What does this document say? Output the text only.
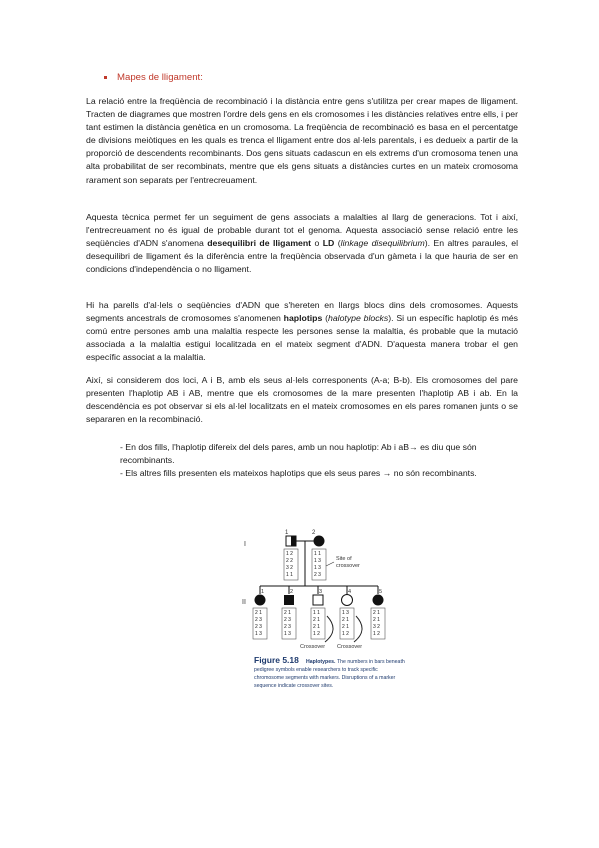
Mapes de lligament:

La relació entre la freqüència de recombinació i la distància entre gens s'utilitza per crear mapes de lligament. Tracten de diagrames que mostren l'ordre dels gens en els cromosomes i les distàncies relatives entre ells, i per tant estimen la distància genètica en un cromosoma. La freqüència de recombinació es basa en el percentatge de divisions meiòtiques en les quals es trenca el lligament entre dos al·lels parentals, i es dedueix a partir de la proporció de descendents recombinants. Dos gens situats cadascun en els extrems d'un cromosoma tenen una alta probabilitat de ser recombinats, mentre que els gens situats a distàncies curtes en un mateix cromosoma rarament son separats per l'entrecreuament.

Aquesta tècnica permet fer un seguiment de gens associats a malalties al llarg de generacions. Tot i així, l'entrecreuament no és igual de probable durant tot el genoma. Aquesta associació sense relació entre les seqüències d'ADN s'anomena desequilibri de lligament o LD (linkage disequilibrium). En altres paraules, el desequilibri de lligament és la diferència entre la freqüència observada d'un gàmeta i la que hauria de ser en condicions d'independència o no lligament.

Hi ha parells d'al·lels o seqüències d'ADN que s'hereten en llargs blocs dins dels cromosomes. Aquests segments ancestrals de cromosomes s'anomenen haplotips (halotype blocks). Si un específic haplotip és més comú entre persones amb una malaltia respecte les persones sense la malaltia, és probable que la mutació associada a la malaltia estigui localitzada en el mateix segment d'ADN. D'aquesta manera trobar el gen específic associat a la malaltia.

Així, si considerem dos loci, A i B, amb els seus al·lels corresponents (A-a; B-b). Els cromosomes del pare presenten l'haplotip AB i AB, mentre que els cromosomes de la mare presenten l'haplotip AB i ab. En la descendència es pot observar si els al·lel localitzats en el mateix cromosomes en els pares romanen junts o se separaren en la recombinació.

- En dos fills, l'haplotip difereix del dels pares, amb un nou haplotip: Ab i aB→ es diu que són recombinants.
- Els altres fills presenten els mateixos haplotips que els seus pares → no són recombinants.
I
II
1	2
1 2
2 2
3 2
1 1
1 1
1 3
1 3
2 3
Site of
crossover
1	2	3	4	5
2 1
2 3
2 3
1 3
2 1
2 3
2 3
1 3
1 1
2 1
2 1
1 2
1 3
2 1
2 1
1 2
2 1
2 1
3 2
1 2
Crossover Crossover
Figure 5.18 Haplotypes. The numbers in bars beneath
pedigree symbols enable researchers to track specific
chromosome segments with markers. Disruptions of a marker
sequence indicate crossover sites.
